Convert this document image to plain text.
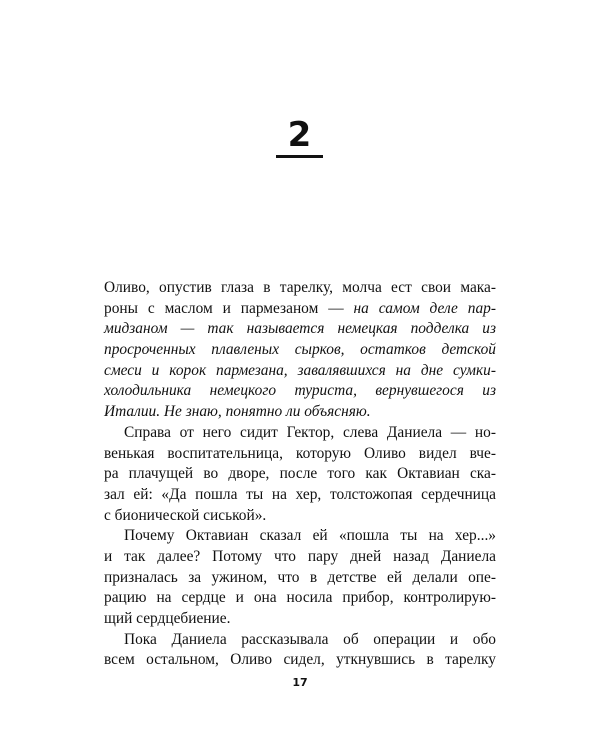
2
Оливо, опустив глаза в тарелку, молча ест свои мака-
роны с маслом и пармезаном — на самом деле пар-
мидзаном — так называется немецкая подделка из
просроченных плавленых сырков, остатков детской
смеси и корок пармезана, завалявшихся на дне сумки-
холодильника немецкого туриста, вернувшегося из
Италии. Не знаю, понятно ли объясняю.
Справа от него сидит Гектор, слева Даниела — но-
венькая воспитательница, которую Оливо видел вче-
ра плачущей во дворе, после того как Октавиан ска-
зал ей: «Да пошла ты на хер, толстожопая сердечница
с бионической сиськой».
Почему Октавиан сказал ей «пошла ты на хер...»
и так далее? Потому что пару дней назад Даниела
призналась за ужином, что в детстве ей делали опе-
рацию на сердце и она носила прибор, контролирую-
щий сердцебиение.
Пока Даниела рассказывала об операции и обо
всем остальном, Оливо сидел, уткнувшись в тарелку
17
